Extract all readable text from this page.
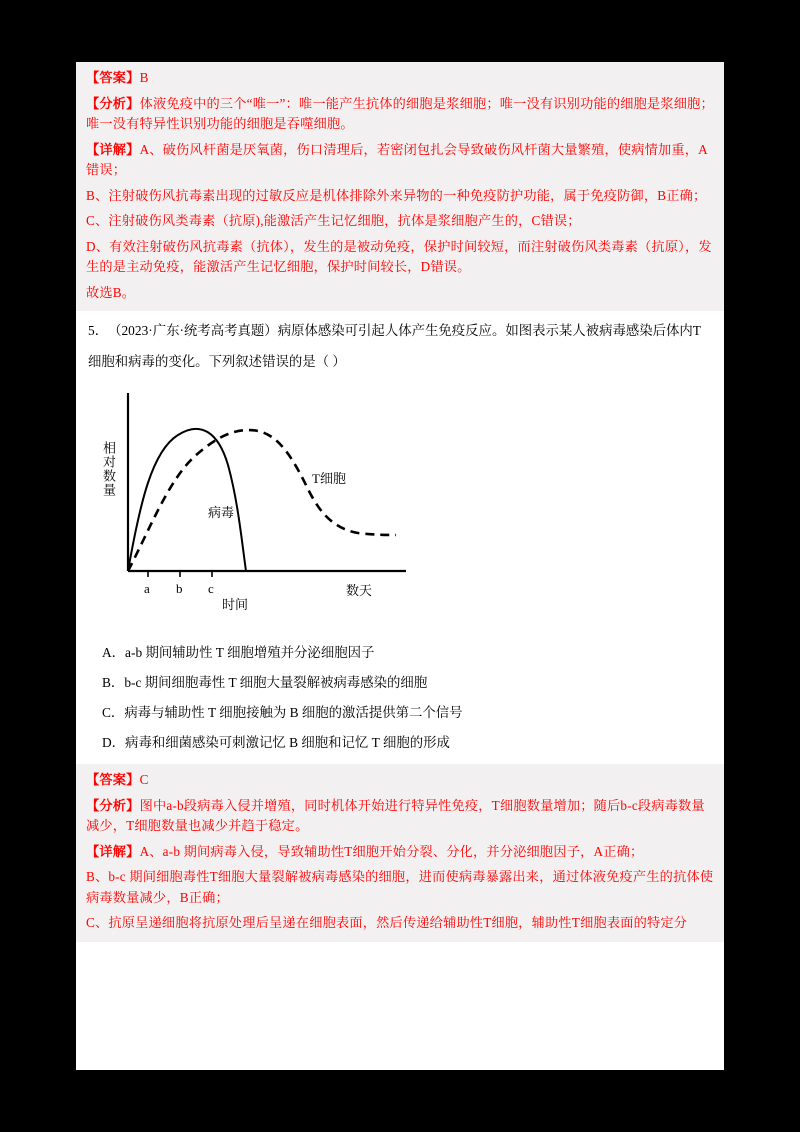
【答案】B

【分析】体液免疫中的三个“唯一”：唯一能产生抗体的细胞是浆细胞；唯一没有识别功能的细胞是浆细胞；唯一没有特异性识别功能的细胞是吞噬细胞。

【详解】A、破伤风杆菌是厌氧菌，伤口清理后，若密闭包扎会导致破伤风杆菌大量繁殖，使病情加重，A错误；

B、注射破伤风抗毒素出现的过敏反应是机体排除外来异物的一种免疫防护功能，属于免疫防御，B正确；

C、注射破伤风类毒素（抗原),能激活产生记忆细胞，抗体是浆细胞产生的，C错误；

D、有效注射破伤风抗毒素（抗体），发生的是被动免疫，保护时间较短，而注射破伤风类毒素（抗原），发生的是主动免疫，能激活产生记忆细胞，保护时间较长，D错误。

故选B。

5．（2023·广东·统考高考真题）病原体感染可引起人体产生免疫反应。如图表示某人被病毒感染后体内T

细胞和病毒的变化。下列叙述错误的是（ ）

a b c
T细胞
病毒
时间
数天
相对数量

A．a-b 期间辅助性 T 细胞增殖并分泌细胞因子

B．b-c 期间细胞毒性 T 细胞大量裂解被病毒感染的细胞

C．病毒与辅助性 T 细胞接触为 B 细胞的激活提供第二个信号

D．病毒和细菌感染可刺激记忆 B 细胞和记忆 T 细胞的形成

【答案】C

【分析】图中a-b段病毒入侵并增殖，同时机体开始进行特异性免疫，T细胞数量增加；随后b-c段病毒数量减少，T细胞数量也减少并趋于稳定。

【详解】A、a-b 期间病毒入侵，导致辅助性T细胞开始分裂、分化，并分泌细胞因子，A正确；

B、b-c 期间细胞毒性T细胞大量裂解被病毒感染的细胞，进而使病毒暴露出来，通过体液免疫产生的抗体使病毒数量减少，B正确；

C、抗原呈递细胞将抗原处理后呈递在细胞表面，然后传递给辅助性T细胞，辅助性T细胞表面的特定分
